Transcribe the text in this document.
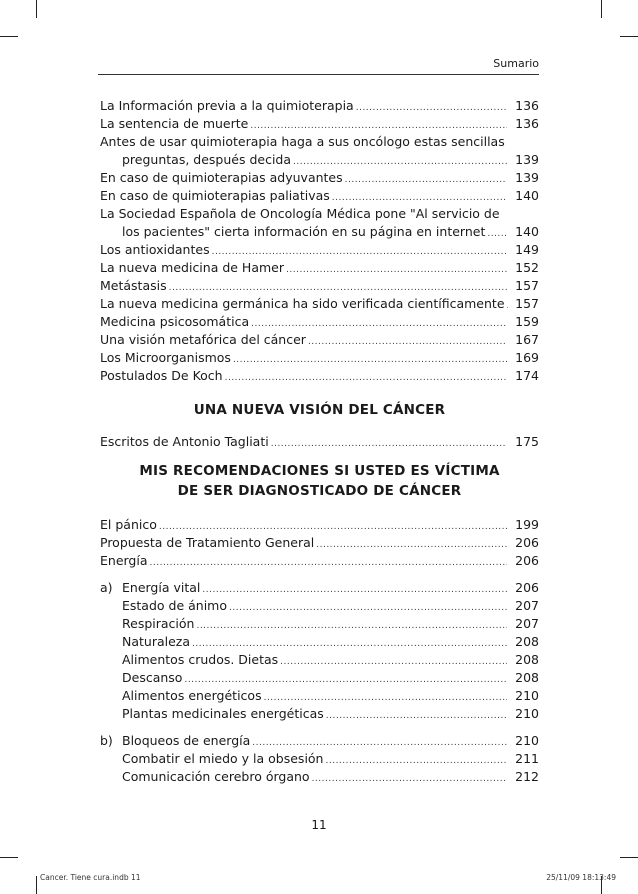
Sumario
La Información previa a la quimioterapia .....	136
La sentencia de muerte .....	136
Antes de usar quimioterapia haga a sus oncólogo estas sencillas
preguntas, después decida .....	139
En caso de quimioterapias adyuvantes .....	139
En caso de quimioterapias paliativas .....	140
La Sociedad Española de Oncología Médica pone "Al servicio de
los pacientes" cierta información en su página en internet .....	140
Los antioxidantes .....	149
La nueva medicina de Hamer .....	152
Metástasis .....	157
La nueva medicina germánica ha sido verificada científicamente ..... 157
Medicina psicosomática .....	159
Una visión metafórica del cáncer .....	167
Los Microorganismos .....	169
Postulados De Koch .....	174
UNA NUEVA VISIÓN DEL CÁNCER
Escritos de Antonio Tagliati .....	175
MIS RECOMENDACIONES SI USTED ES VÍCTIMA
DE SER DIAGNOSTICADO DE CÁNCER
El pánico .....	199
Propuesta de Tratamiento General .....	206
Energía .....	206
a) Energía vital .....	206
Estado de ánimo .....	207
Respiración .....	207
Naturaleza .....	208
Alimentos crudos. Dietas .....	208
Descanso .....	208
Alimentos energéticos .....	210
Plantas medicinales energéticas .....	210
b) Bloqueos de energía .....	210
Combatir el miedo y la obsesión .....	211
Comunicación cerebro órgano .....	212
11
Cancer. Tiene cura.indb 11	25/11/09 18:13:49
